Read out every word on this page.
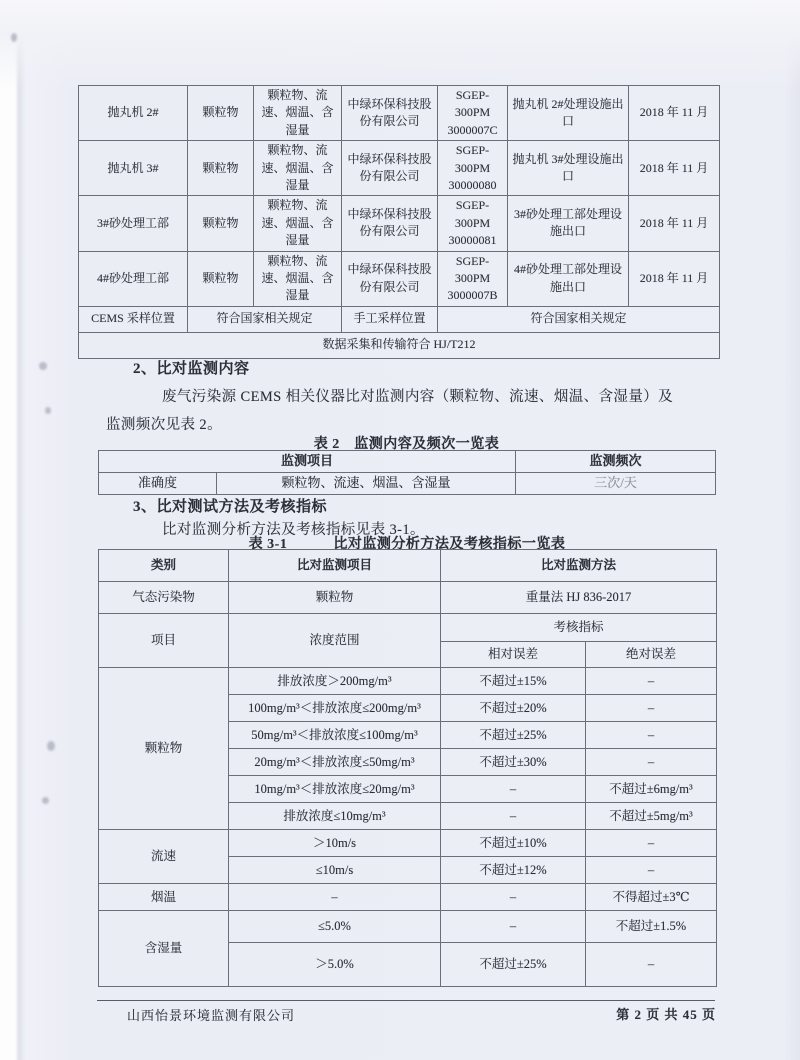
抛丸机 2#	颗粒物	颗粒物、流速、烟温、含湿量	中绿环保科技股份有限公司	SGEP-300PM 3000007C	抛丸机 2#处理设施出口	2018 年 11 月
抛丸机 3#	颗粒物	颗粒物、流速、烟温、含湿量	中绿环保科技股份有限公司	SGEP-300PM 30000080	抛丸机 3#处理设施出口	2018 年 11 月
3#砂处理工部	颗粒物	颗粒物、流速、烟温、含湿量	中绿环保科技股份有限公司	SGEP-300PM 30000081	3#砂处理工部处理设施出口	2018 年 11 月
4#砂处理工部	颗粒物	颗粒物、流速、烟温、含湿量	中绿环保科技股份有限公司	SGEP-300PM 3000007B	4#砂处理工部处理设施出口	2018 年 11 月
CEMS 采样位置	符合国家相关规定		手工采样位置	符合国家相关规定		
数据采集和传输符合 HJ/T212						
2、比对监测内容
废气污染源 CEMS 相关仪器比对监测内容（颗粒物、流速、烟温、含湿量）及
监测频次见表 2。
表 2　监测内容及频次一览表
监测项目		监测频次
准确度	颗粒物、流速、烟温、含湿量	三次/天
3、比对测试方法及考核指标
比对监测分析方法及考核指标见表 3-1。
表 3-1	比对监测分析方法及考核指标一览表
类别	比对监测项目	比对监测方法	
气态污染物	颗粒物	重量法 HJ 836-2017	
项目	浓度范围	考核指标	
		相对误差	绝对误差
颗粒物	排放浓度＞200mg/m³	不超过±15%	–
	100mg/m³＜排放浓度≤200mg/m³	不超过±20%	–
	50mg/m³＜排放浓度≤100mg/m³	不超过±25%	–
	20mg/m³＜排放浓度≤50mg/m³	不超过±30%	–
	10mg/m³＜排放浓度≤20mg/m³	–	不超过±6mg/m³
	排放浓度≤10mg/m³	–	不超过±5mg/m³
流速	＞10m/s	不超过±10%	–
	≤10m/s	不超过±12%	–
烟温	–	–	不得超过±3℃
含湿量	≤5.0%	–	不超过±1.5%
	＞5.0%	不超过±25%	–
山西怡景环境监测有限公司	第 2 页 共 45 页
